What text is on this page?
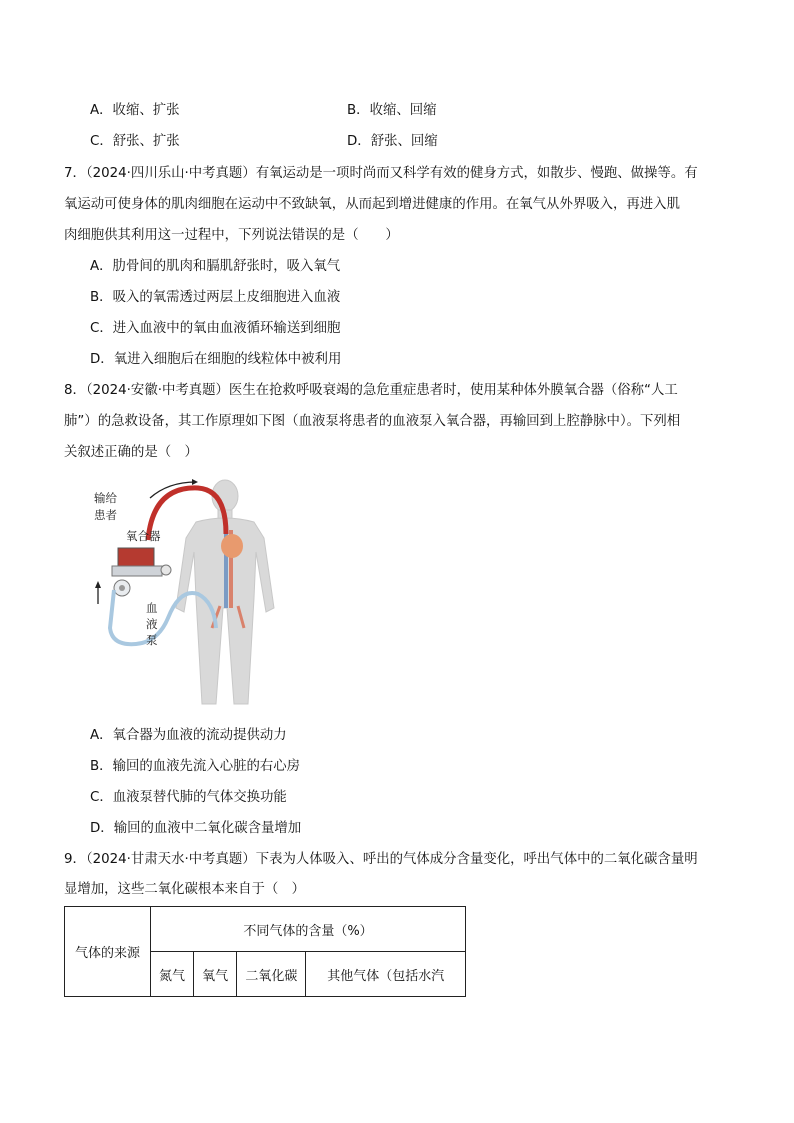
A．收缩、扩张	B．收缩、回缩
C．舒张、扩张	D．舒张、回缩
7．（2024·四川乐山·中考真题）有氧运动是一项时尚而又科学有效的健身方式，如散步、慢跑、做操等。有
氧运动可使身体的肌肉细胞在运动中不致缺氧，从而起到增进健康的作用。在氧气从外界吸入，再进入肌
肉细胞供其利用这一过程中，下列说法错误的是（　　）
A．肋骨间的肌肉和膈肌舒张时，吸入氧气
B．吸入的氧需透过两层上皮细胞进入血液
C．进入血液中的氧由血液循环输送到细胞
D．氧进入细胞后在细胞的线粒体中被利用
8．（2024·安徽·中考真题）医生在抢救呼吸衰竭的急危重症患者时，使用某种体外膜氧合器（俗称“人工
肺”）的急救设备，其工作原理如下图（血液泵将患者的血液泵入氧合器，再输回到上腔静脉中）。下列相
关叙述正确的是（　）
输给
患者
氧合器
血
液
泵
A．氧合器为血液的流动提供动力
B．输回的血液先流入心脏的右心房
C．血液泵替代肺的气体交换功能
D．输回的血液中二氧化碳含量增加
9．（2024·甘肃天水·中考真题）下表为人体吸入、呼出的气体成分含量变化，呼出气体中的二氧化碳含量明
显增加，这些二氧化碳根本来自于（　）
气体的来源	不同气体的含量（%）			
	氮气	氧气	二氧化碳	其他气体（包括水汽
